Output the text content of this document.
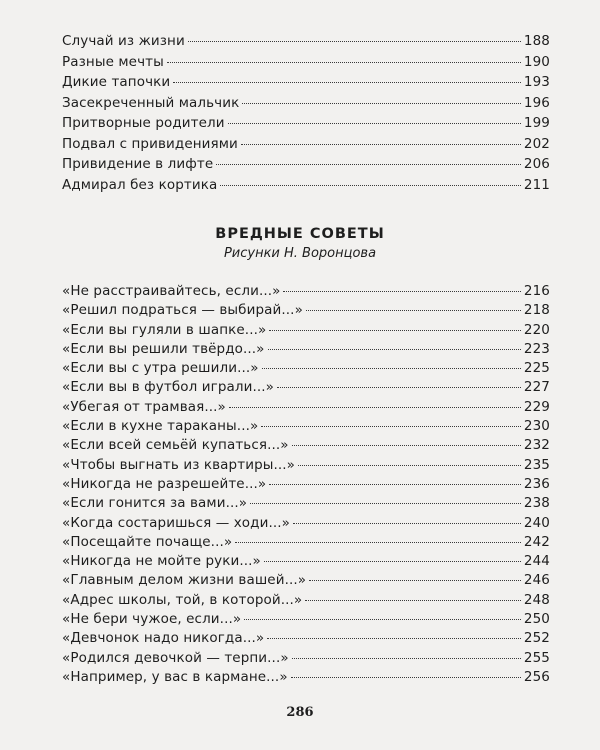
Случай из жизни	188
Разные мечты	190
Дикие тапочки	193
Засекреченный мальчик	196
Притворные родители	199
Подвал с привидениями	202
Привидение в лифте	206
Адмирал без кортика	211
ВРЕДНЫЕ СОВЕТЫ
Рисунки Н. Воронцова
«Не расстраивайтесь, если...»	216
«Решил подраться — выбирай...»	218
«Если вы гуляли в шапке...»	220
«Если вы решили твёрдо...»	223
«Если вы с утра решили...»	225
«Если вы в футбол играли...»	227
«Убегая от трамвая...»	229
«Если в кухне тараканы...»	230
«Если всей семьёй купаться...»	232
«Чтобы выгнать из квартиры...»	235
«Никогда не разрешейте...»	236
«Если гонится за вами...»	238
«Когда состаришься — ходи...»	240
«Посещайте почаще...»	242
«Никогда не мойте руки...»	244
«Главным делом жизни вашей...»	246
«Адрес школы, той, в которой...»	248
«Не бери чужое, если...»	250
«Девчонок надо никогда...»	252
«Родился девочкой — терпи...»	255
«Например, у вас в кармане...»	256
286
